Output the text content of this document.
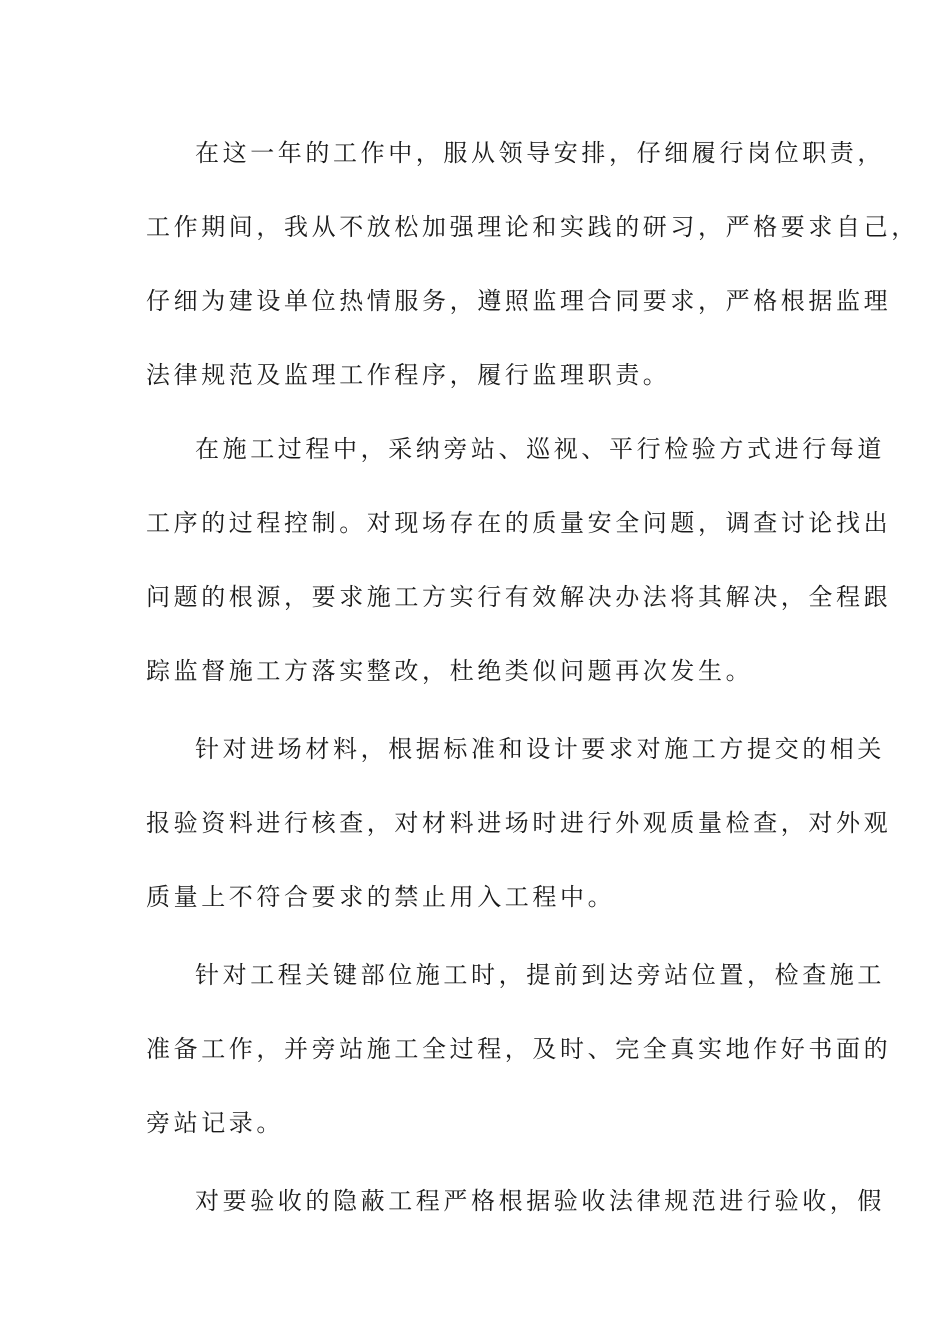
在这一年的工作中，服从领导安排，仔细履行岗位职责，
工作期间，我从不放松加强理论和实践的研习，严格要求自己，
仔细为建设单位热情服务，遵照监理合同要求，严格根据监理
法律规范及监理工作程序，履行监理职责。
在施工过程中，采纳旁站、巡视、平行检验方式进行每道
工序的过程控制。对现场存在的质量安全问题，调查讨论找出
问题的根源，要求施工方实行有效解决办法将其解决，全程跟
踪监督施工方落实整改，杜绝类似问题再次发生。
针对进场材料，根据标准和设计要求对施工方提交的相关
报验资料进行核查，对材料进场时进行外观质量检查，对外观
质量上不符合要求的禁止用入工程中。
针对工程关键部位施工时，提前到达旁站位置，检查施工
准备工作，并旁站施工全过程，及时、完全真实地作好书面的
旁站记录。
对要验收的隐蔽工程严格根据验收法律规范进行验收，假
